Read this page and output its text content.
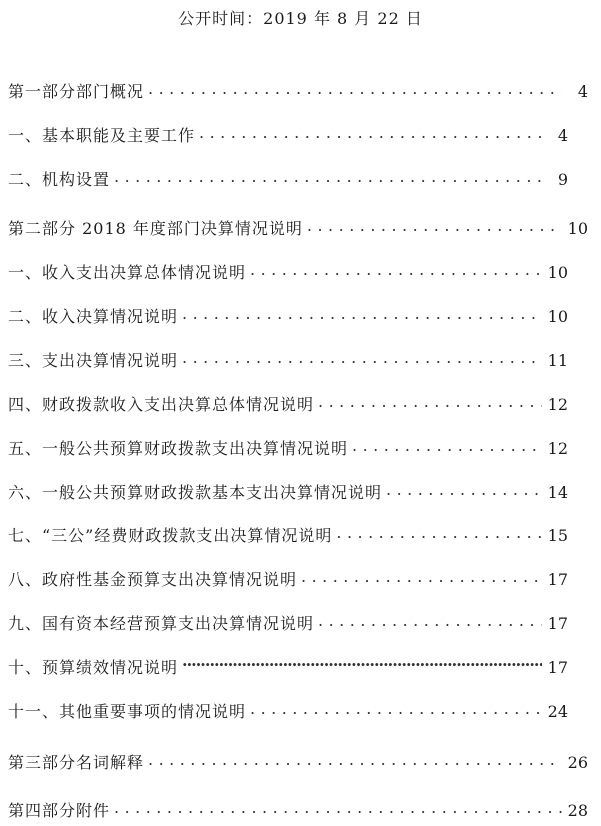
公开时间：2019 年 8 月 22 日
第一部分部门概况 . . .	4
一、基本职能及主要工作 . . .	4
二、机构设置 . . .	9
第二部分 2018 年度部门决算情况说明 . . .	10
一、收入支出决算总体情况说明 . . .	10
二、收入决算情况说明 . . .	10
三、支出决算情况说明 . . .	11
四、财政拨款收入支出决算总体情况说明 . . .	12
五、一般公共预算财政拨款支出决算情况说明 . . .	12
六、一般公共预算财政拨款基本支出决算情况说明 . . .	14
七、“三公”经费财政拨款支出决算情况说明 . . .	15
八、政府性基金预算支出决算情况说明 . . .	17
九、国有资本经营预算支出决算情况说明 . . .	17
十、预算绩效情况说明 ·····	17
十一、其他重要事项的情况说明 . . .	24
第三部分名词解释 . . .	26
第四部分附件 . . .	28
